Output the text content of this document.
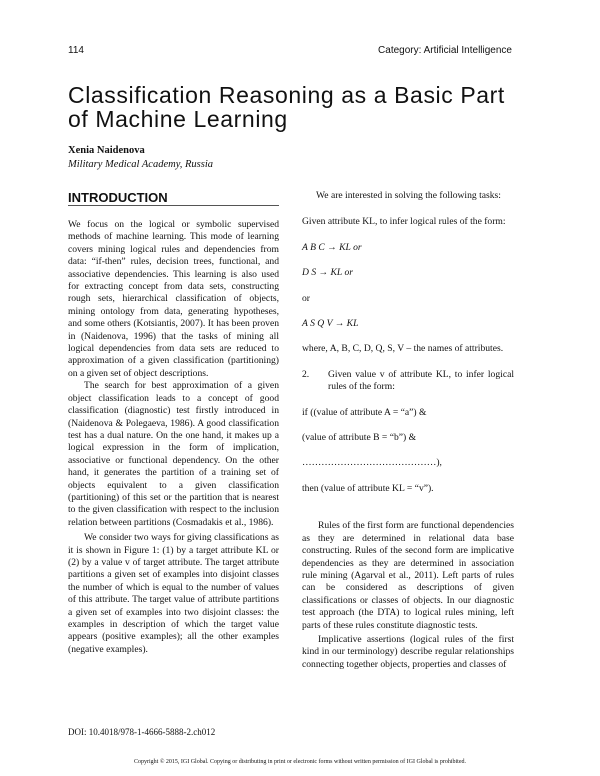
114	Category: Artificial Intelligence
Classification Reasoning as a Basic Part of Machine Learning
Xenia Naidenova
Military Medical Academy, Russia
INTRODUCTION

We focus on the logical or symbolic supervised methods of machine learning. This mode of learning covers mining logical rules and dependencies from data: “if-then” rules, decision trees, functional, and associative dependencies. This learning is also used for extracting concept from data sets, constructing rough sets, hierarchical classification of objects, mining ontology from data, generating hypotheses, and some others (Kotsiantis, 2007). It has been proven in (Naidenova, 1996) that the tasks of mining all logical dependencies from data sets are reduced to approximation of a given classification (partitioning) on a given set of object descriptions.

The search for best approximation of a given object classification leads to a concept of good classification (diagnostic) test firstly introduced in (Naidenova & Polegaeva, 1986). A good classification test has a dual nature. On the one hand, it makes up a logical expression in the form of implication, associative or functional dependency. On the other hand, it generates the partition of a training set of objects equivalent to a given classification (partitioning) of this set or the partition that is nearest to the given classification with respect to the inclusion relation between partitions (Cosmadakis et al., 1986).

We consider two ways for giving classifications as it is shown in Figure 1: (1) by a target attribute KL or (2) by a value v of target attribute. The target attribute partitions a given set of examples into disjoint classes the number of which is equal to the number of values of this attribute. The target value of attribute partitions a given set of examples into two disjoint classes: the examples in description of which the target value appears (positive examples); all the other examples (negative examples).

We are interested in solving the following tasks:

Given attribute KL, to infer logical rules of the form:

A B C → KL or

D S → KL or

or

A S Q V → KL

where, A, B, C, D, Q, S, V – the names of attributes.

2.	Given value v of attribute KL, to infer logical rules of the form:

if ((value of attribute A = “a”) &

(value of attribute B = “b”) &

……………………………………),

then (value of attribute KL = “v”).

Rules of the first form are functional dependencies as they are determined in relational data base constructing. Rules of the second form are implicative dependencies as they are determined in association rule mining (Agarval et al., 2011). Left parts of rules can be considered as descriptions of given classifications or classes of objects. In our diagnostic test approach (the DTA) to logical rules mining, left parts of these rules constitute diagnostic tests.

Implicative assertions (logical rules of the first kind in our terminology) describe regular relationships connecting together objects, properties and classes of

DOI: 10.4018/978-1-4666-5888-2.ch012
Copyright © 2015, IGI Global. Copying or distributing in print or electronic forms without written permission of IGI Global is prohibited.
